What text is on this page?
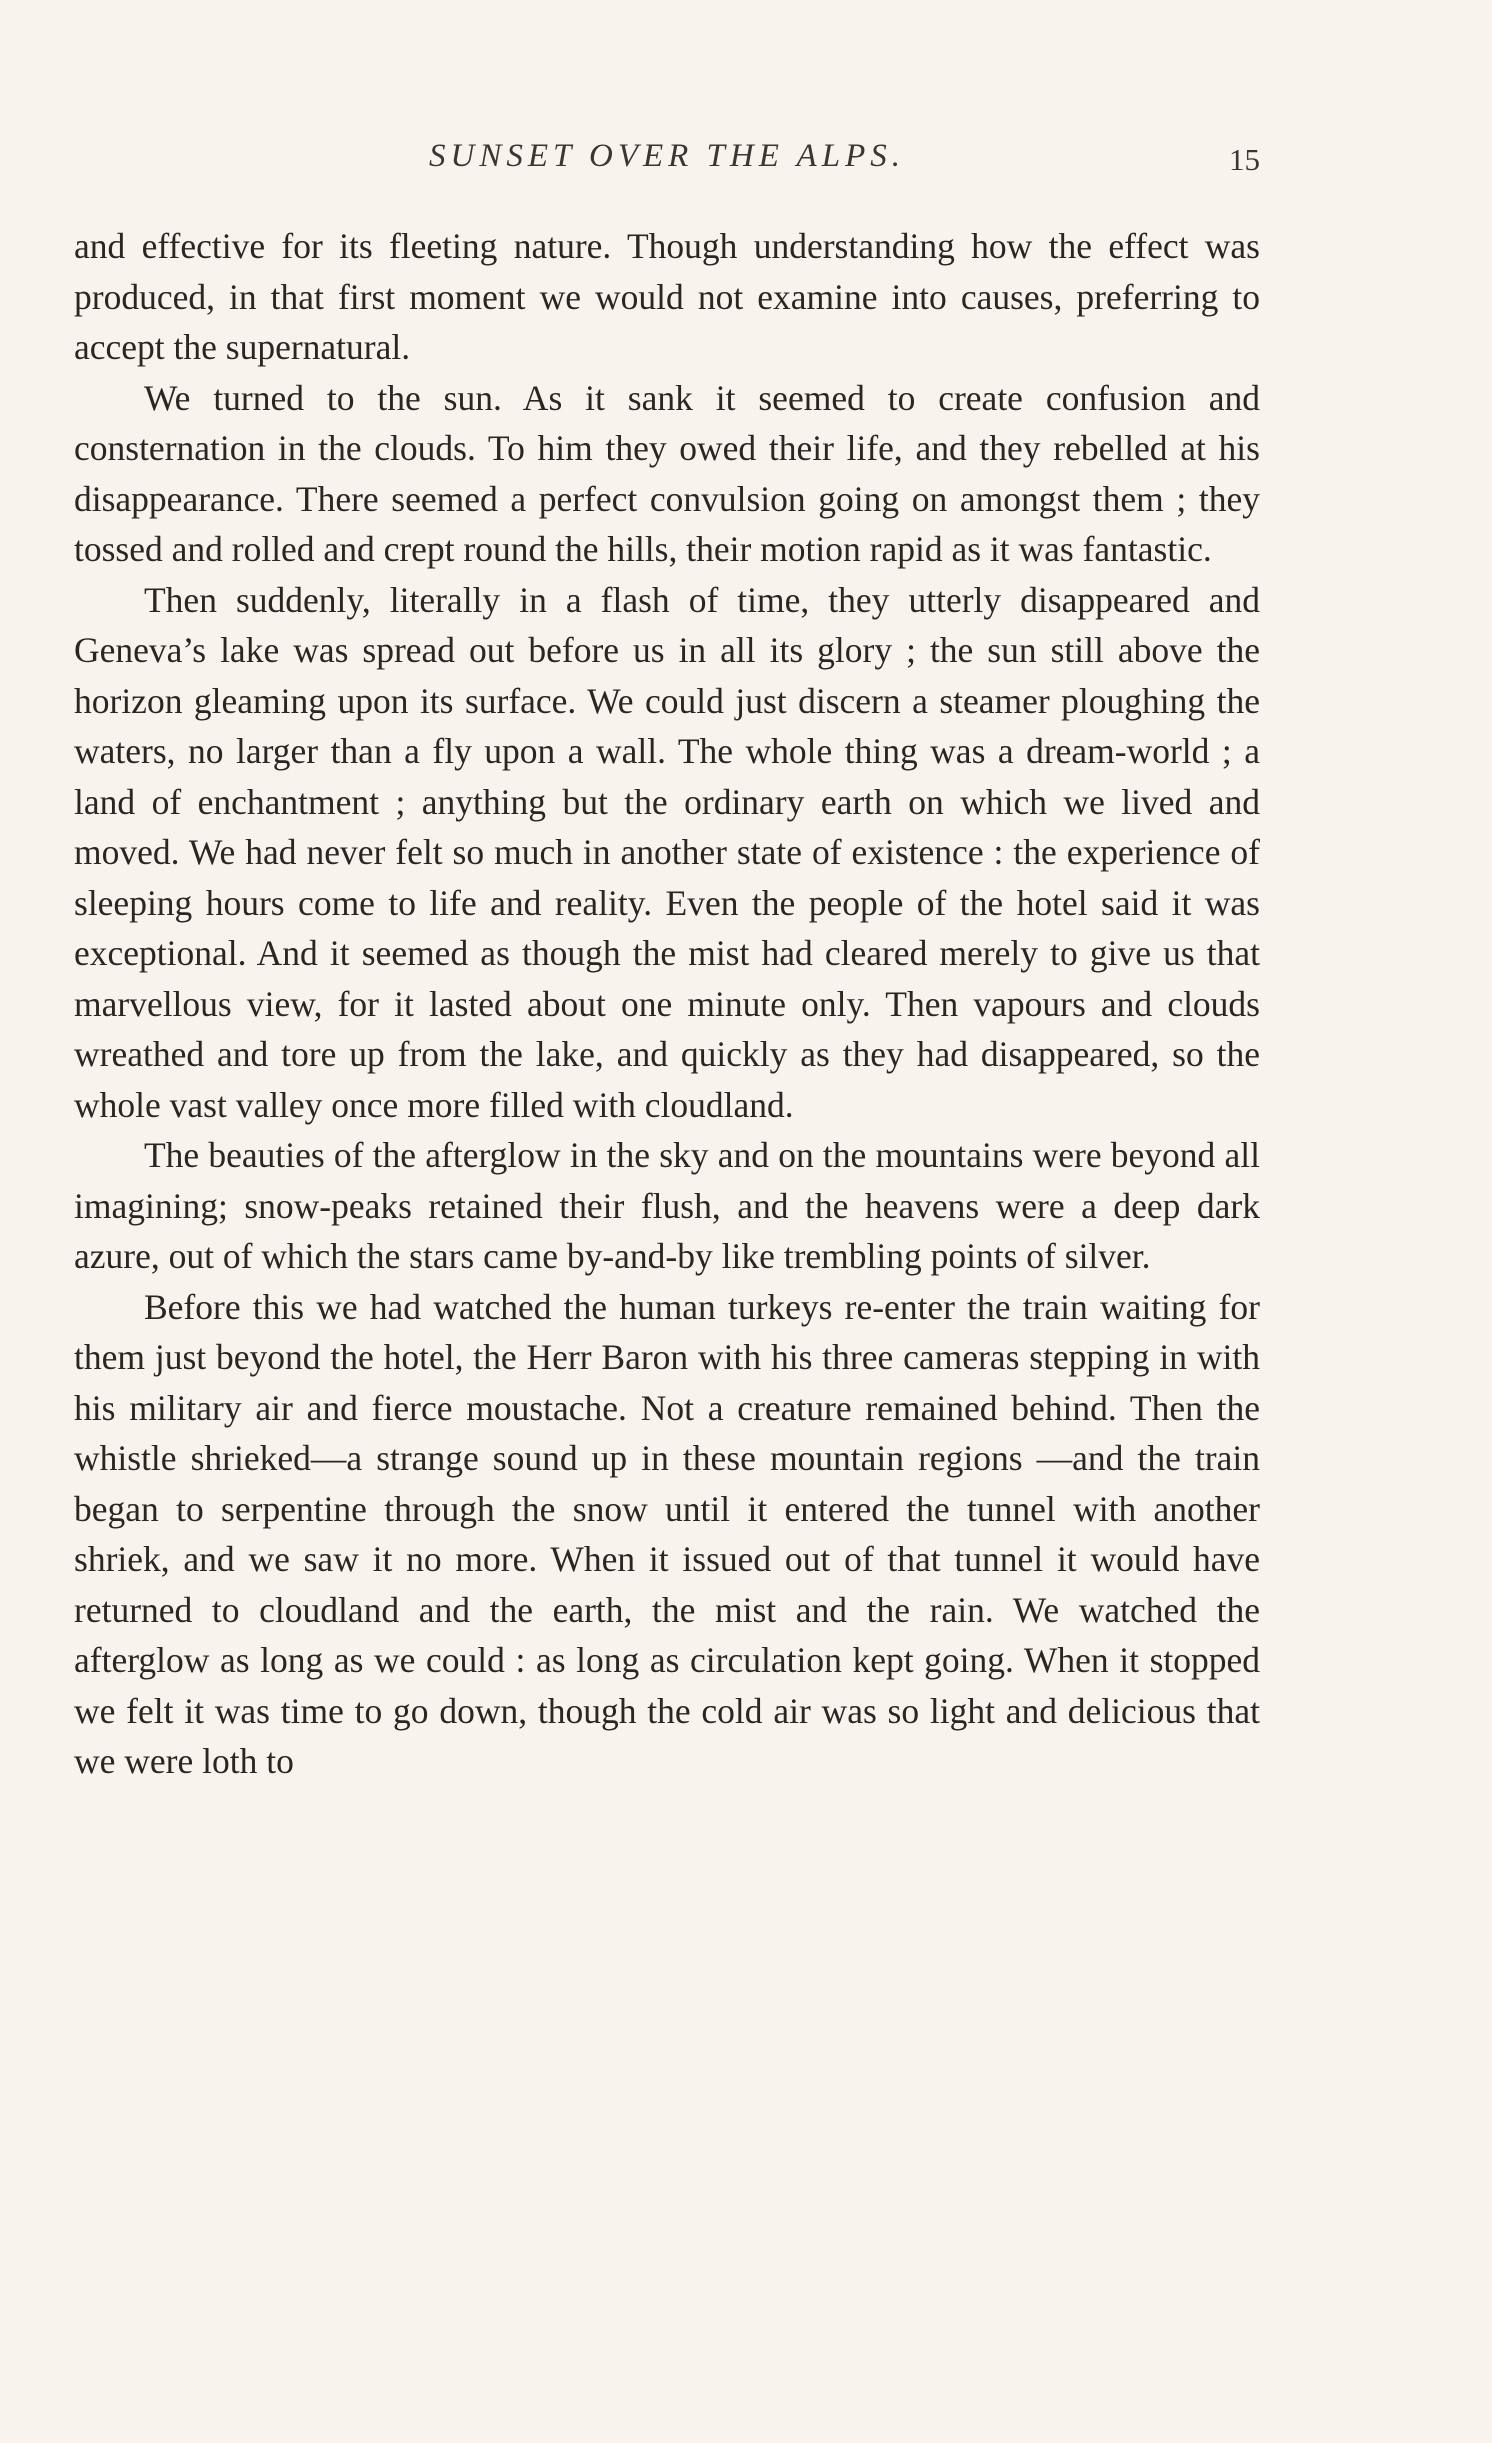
SUNSET OVER THE ALPS.	15

and effective for its fleeting nature. Though understanding how the effect was produced, in that first moment we would not examine into causes, preferring to accept the supernatural.

We turned to the sun. As it sank it seemed to create confusion and consternation in the clouds. To him they owed their life, and they rebelled at his disappearance. There seemed a perfect convulsion going on amongst them ; they tossed and rolled and crept round the hills, their motion rapid as it was fantastic.

Then suddenly, literally in a flash of time, they utterly disappeared and Geneva’s lake was spread out before us in all its glory ; the sun still above the horizon gleaming upon its surface. We could just discern a steamer ploughing the waters, no larger than a fly upon a wall. The whole thing was a dream-world ; a land of enchantment ; anything but the ordinary earth on which we lived and moved. We had never felt so much in another state of existence : the experience of sleeping hours come to life and reality. Even the people of the hotel said it was exceptional. And it seemed as though the mist had cleared merely to give us that marvellous view, for it lasted about one minute only. Then vapours and clouds wreathed and tore up from the lake, and quickly as they had disappeared, so the whole vast valley once more filled with cloudland.

The beauties of the afterglow in the sky and on the mountains were beyond all imagining; snow-peaks retained their flush, and the heavens were a deep dark azure, out of which the stars came by-and-by like trembling points of silver.

Before this we had watched the human turkeys re-enter the train waiting for them just beyond the hotel, the Herr Baron with his three cameras stepping in with his military air and fierce moustache. Not a creature remained behind. Then the whistle shrieked—a strange sound up in these mountain regions —and the train began to serpentine through the snow until it entered the tunnel with another shriek, and we saw it no more. When it issued out of that tunnel it would have returned to cloudland and the earth, the mist and the rain. We watched the afterglow as long as we could : as long as circulation kept going. When it stopped we felt it was time to go down, though the cold air was so light and delicious that we were loth to
